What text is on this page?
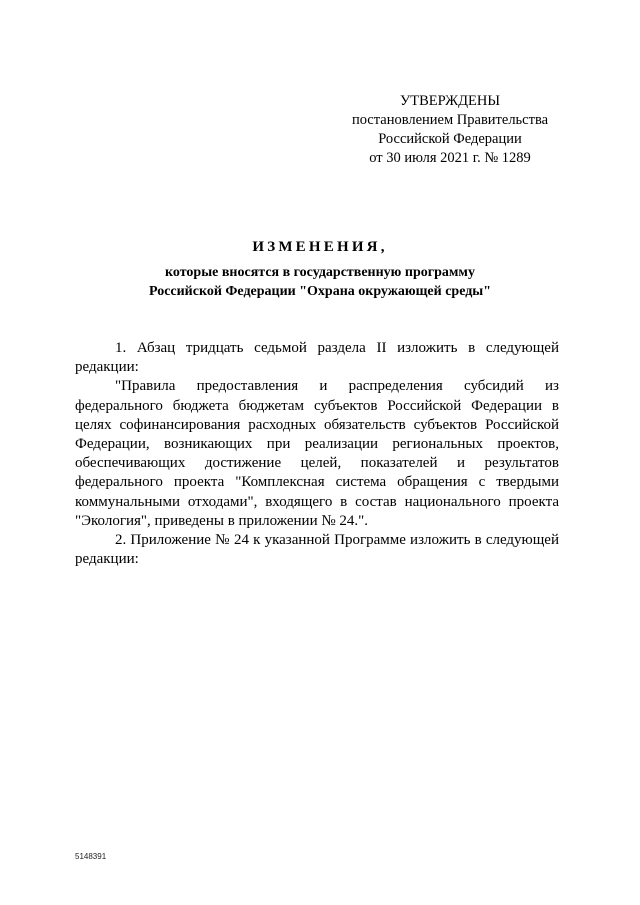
УТВЕРЖДЕНЫ
постановлением Правительства
Российской Федерации
от 30 июля 2021 г. № 1289
ИЗМЕНЕНИЯ,
которые вносятся в государственную программу
Российской Федерации "Охрана окружающей среды"

1. Абзац тридцать седьмой раздела II изложить в следующей редакции:

"Правила предоставления и распределения субсидий из федерального бюджета бюджетам субъектов Российской Федерации в целях софинансирования расходных обязательств субъектов Российской Федерации, возникающих при реализации региональных проектов, обеспечивающих достижение целей, показателей и результатов федерального проекта "Комплексная система обращения с твердыми коммунальными отходами", входящего в состав национального проекта "Экология", приведены в приложении № 24.".

2. Приложение № 24 к указанной Программе изложить в следующей редакции:

5148391
